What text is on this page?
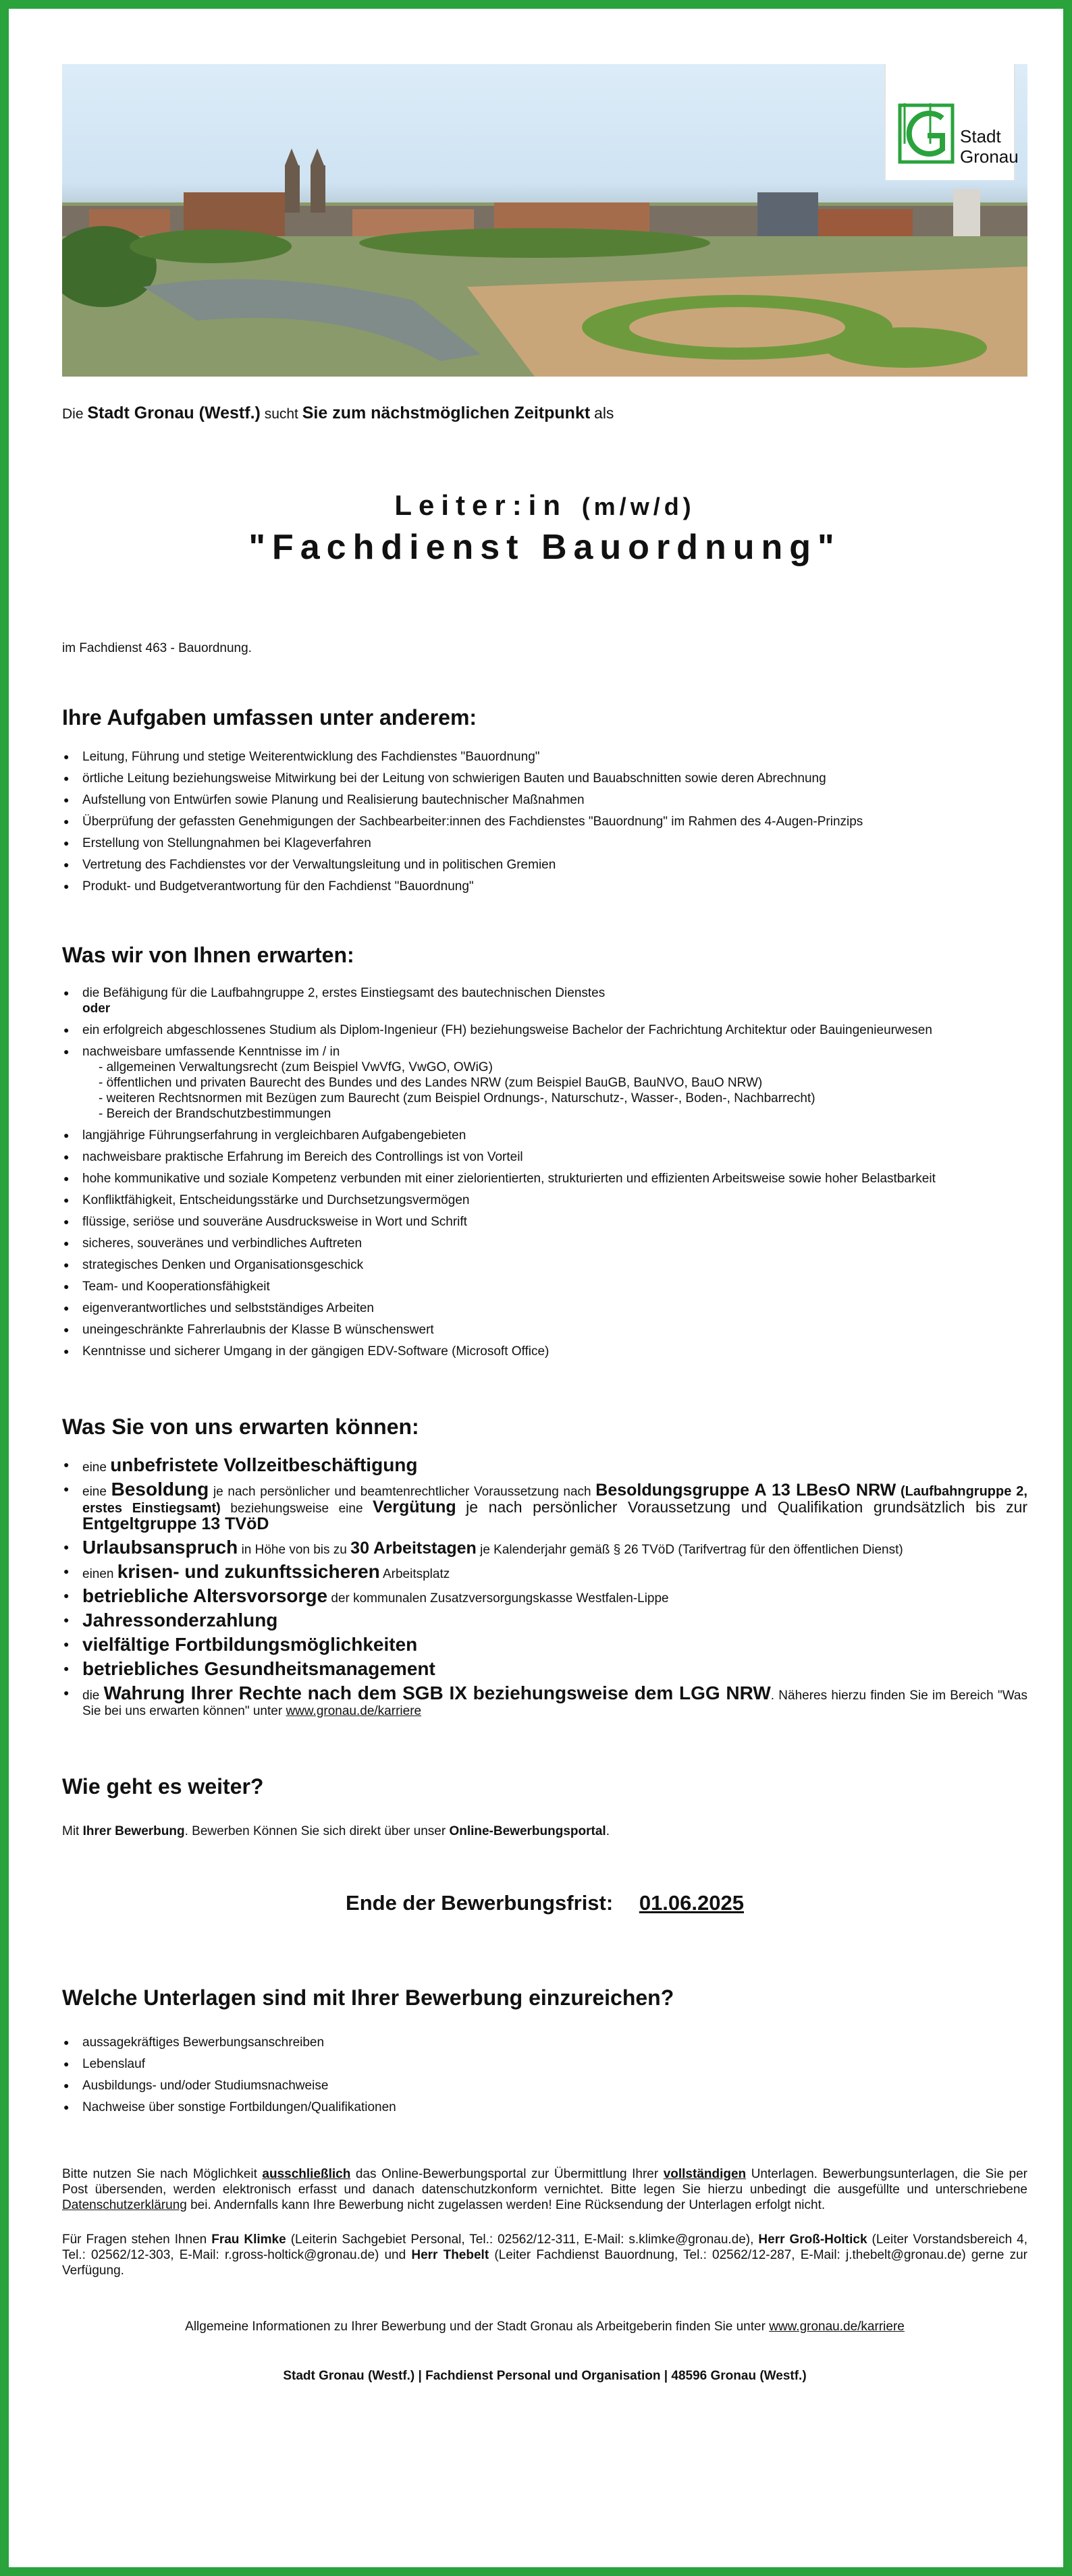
Stadt
Gronau
Die Stadt Gronau (Westf.) sucht Sie zum nächstmöglichen Zeitpunkt als
Leiter:in (m/w/d)
"Fachdienst Bauordnung"
im Fachdienst 463 - Bauordnung.
Ihre Aufgaben umfassen unter anderem:
● Leitung, Führung und stetige Weiterentwicklung des Fachdienstes "Bauordnung"
● örtliche Leitung beziehungsweise Mitwirkung bei der Leitung von schwierigen Bauten und Bauabschnitten sowie deren Abrechnung
● Aufstellung von Entwürfen sowie Planung und Realisierung bautechnischer Maßnahmen
● Überprüfung der gefassten Genehmigungen der Sachbearbeiter:innen des Fachdienstes "Bauordnung" im Rahmen des 4-Augen-Prinzips
● Erstellung von Stellungnahmen bei Klageverfahren
● Vertretung des Fachdienstes vor der Verwaltungsleitung und in politischen Gremien
● Produkt- und Budgetverantwortung für den Fachdienst "Bauordnung"
Was wir von Ihnen erwarten:
● die Befähigung für die Laufbahngruppe 2, erstes Einstiegsamt des bautechnischen Dienstes
oder
● ein erfolgreich abgeschlossenes Studium als Diplom-Ingenieur (FH) beziehungsweise Bachelor der Fachrichtung Architektur oder Bauingenieurwesen
● nachweisbare umfassende Kenntnisse im / in
- allgemeinen Verwaltungsrecht (zum Beispiel VwVfG, VwGO, OWiG)
- öffentlichen und privaten Baurecht des Bundes und des Landes NRW (zum Beispiel BauGB, BauNVO, BauO NRW)
- weiteren Rechtsnormen mit Bezügen zum Baurecht (zum Beispiel Ordnungs-, Naturschutz-, Wasser-, Boden-, Nachbarrecht)
- Bereich der Brandschutzbestimmungen
● langjährige Führungserfahrung in vergleichbaren Aufgabengebieten
● nachweisbare praktische Erfahrung im Bereich des Controllings ist von Vorteil
● hohe kommunikative und soziale Kompetenz verbunden mit einer zielorientierten, strukturierten und effizienten Arbeitsweise sowie hoher Belastbarkeit
● Konfliktfähigkeit, Entscheidungsstärke und Durchsetzungsvermögen
● flüssige, seriöse und souveräne Ausdrucksweise in Wort und Schrift
● sicheres, souveränes und verbindliches Auftreten
● strategisches Denken und Organisationsgeschick
● Team- und Kooperationsfähigkeit
● eigenverantwortliches und selbstständiges Arbeiten
● uneingeschränkte Fahrerlaubnis der Klasse B wünschenswert
● Kenntnisse und sicherer Umgang in der gängigen EDV-Software (Microsoft Office)
Was Sie von uns erwarten können:
● eine unbefristete Vollzeitbeschäftigung
● eine Besoldung je nach persönlicher und beamtenrechtlicher Voraussetzung nach Besoldungsgruppe A 13 LBesO NRW (Laufbahngruppe 2, erstes Einstiegsamt) beziehungsweise eine Vergütung je nach persönlicher Voraussetzung und Qualifikation grundsätzlich bis zur Entgeltgruppe 13 TVöD
● Urlaubsanspruch in Höhe von bis zu 30 Arbeitstagen je Kalenderjahr gemäß § 26 TVöD (Tarifvertrag für den öffentlichen Dienst)
● einen krisen- und zukunftssicheren Arbeitsplatz
● betriebliche Altersvorsorge der kommunalen Zusatzversorgungskasse Westfalen-Lippe
● Jahressonderzahlung
● vielfältige Fortbildungsmöglichkeiten
● betriebliches Gesundheitsmanagement
● die Wahrung Ihrer Rechte nach dem SGB IX beziehungsweise dem LGG NRW. Näheres hierzu finden Sie im Bereich "Was Sie bei uns erwarten können" unter www.gronau.de/karriere
Wie geht es weiter?
Mit Ihrer Bewerbung. Bewerben Können Sie sich direkt über unser Online-Bewerbungsportal.
Ende der Bewerbungsfrist: 01.06.2025
Welche Unterlagen sind mit Ihrer Bewerbung einzureichen?
● aussagekräftiges Bewerbungsanschreiben
● Lebenslauf
● Ausbildungs- und/oder Studiumsnachweise
● Nachweise über sonstige Fortbildungen/Qualifikationen
Bitte nutzen Sie nach Möglichkeit ausschließlich das Online-Bewerbungsportal zur Übermittlung Ihrer vollständigen Unterlagen. Bewerbungsunterlagen, die Sie per Post übersenden, werden elektronisch erfasst und danach datenschutzkonform vernichtet. Bitte legen Sie hierzu unbedingt die ausgefüllte und unterschriebene Datenschutzerklärung bei. Andernfalls kann Ihre Bewerbung nicht zugelassen werden! Eine Rücksendung der Unterlagen erfolgt nicht.
Für Fragen stehen Ihnen Frau Klimke (Leiterin Sachgebiet Personal, Tel.: 02562/12-311, E-Mail: s.klimke@gronau.de), Herr Groß-Holtick (Leiter Vorstandsbereich 4, Tel.: 02562/12-303, E-Mail: r.gross-holtick@gronau.de) und Herr Thebelt (Leiter Fachdienst Bauordnung, Tel.: 02562/12-287, E-Mail: j.thebelt@gronau.de) gerne zur Verfügung.
Allgemeine Informationen zu Ihrer Bewerbung und der Stadt Gronau als Arbeitgeberin finden Sie unter www.gronau.de/karriere
Stadt Gronau (Westf.) | Fachdienst Personal und Organisation | 48596 Gronau (Westf.)
